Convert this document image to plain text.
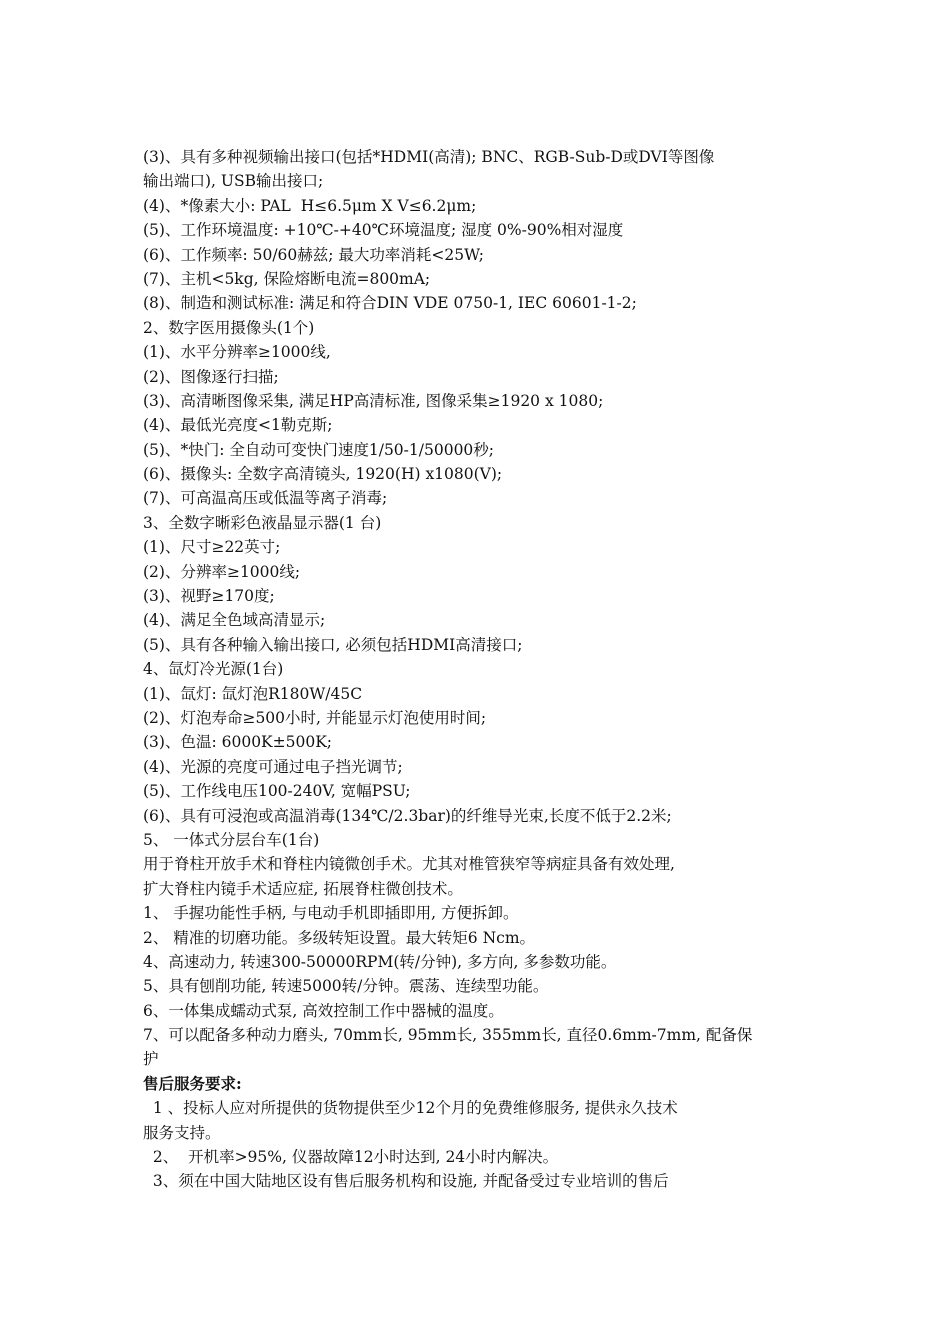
(3)、具有多种视频输出接口(包括*HDMI(高清); BNC、RGB-Sub-D或DVI等图像
输出端口), USB输出接口;
(4)、*像素大小: PAL  H≤6.5μm X V≤6.2μm;
(5)、工作环境温度: +10℃-+40℃环境温度; 湿度 0%-90%相对湿度
(6)、工作频率: 50/60赫兹; 最大功率消耗<25W;
(7)、主机<5kg, 保险熔断电流=800mA;
(8)、制造和测试标准: 满足和符合DIN VDE 0750-1, IEC 60601-1-2;
2、数字医用摄像头(1个)
(1)、水平分辨率≥1000线,
(2)、图像逐行扫描;
(3)、高清晰图像采集, 满足HP高清标准, 图像采集≥1920 x 1080;
(4)、最低光亮度<1勒克斯;
(5)、*快门: 全自动可变快门速度1/50-1/50000秒;
(6)、摄像头: 全数字高清镜头, 1920(H) x1080(V);
(7)、可高温高压或低温等离子消毒;
3、全数字晰彩色液晶显示器(1 台)
(1)、尺寸≥22英寸;
(2)、分辨率≥1000线;
(3)、视野≥170度;
(4)、满足全色域高清显示;
(5)、具有各种输入输出接口, 必须包括HDMI高清接口;
4、氙灯冷光源(1台)
(1)、氙灯: 氙灯泡R180W/45C
(2)、灯泡寿命≥500小时, 并能显示灯泡使用时间;
(3)、色温: 6000K±500K;
(4)、光源的亮度可通过电子挡光调节;
(5)、工作线电压100-240V, 宽幅PSU;
(6)、具有可浸泡或高温消毒(134℃/2.3bar)的纤维导光束,长度不低于2.2米;
5、 一体式分层台车(1台)
用于脊柱开放手术和脊柱内镜微创手术。尤其对椎管狭窄等病症具备有效处理,
扩大脊柱内镜手术适应症, 拓展脊柱微创技术。
1、 手握功能性手柄, 与电动手机即插即用, 方便拆卸。
2、 精准的切磨功能。多级转矩设置。最大转矩6 Ncm。
4、高速动力, 转速300-50000RPM(转/分钟), 多方向, 多参数功能。
5、具有刨削功能, 转速5000转/分钟。震荡、连续型功能。
6、一体集成蠕动式泵, 高效控制工作中器械的温度。
7、可以配备多种动力磨头, 70mm长, 95mm长, 355mm长, 直径0.6mm-7mm, 配备保
护
售后服务要求:
1 、投标人应对所提供的货物提供至少12个月的免费维修服务, 提供永久技术
服务支持。
2、  开机率>95%, 仪器故障12小时达到, 24小时内解决。
3、须在中国大陆地区设有售后服务机构和设施, 并配备受过专业培训的售后
